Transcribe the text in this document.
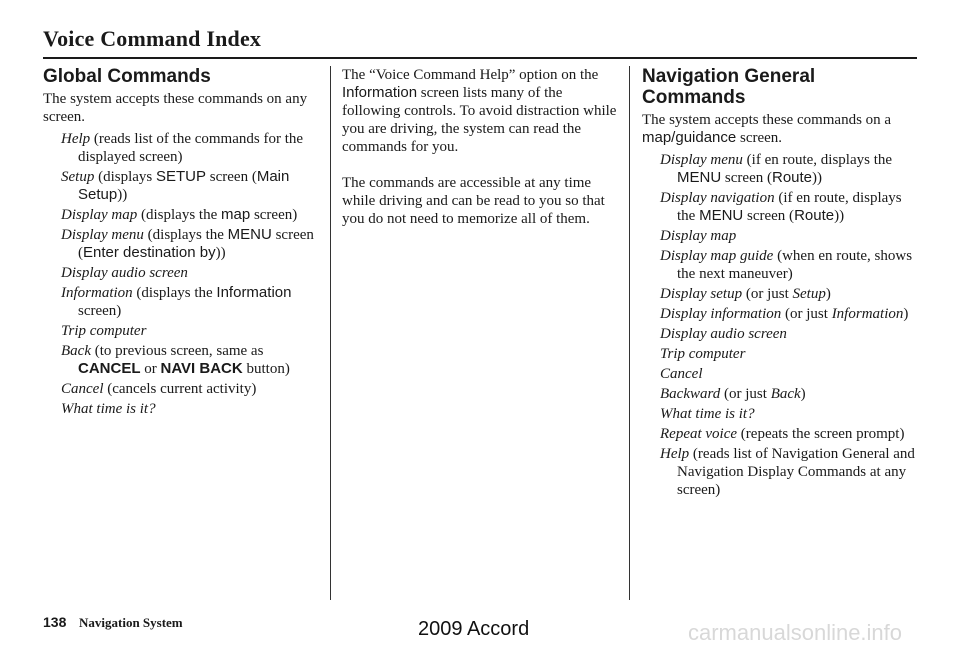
Voice Command Index
Global Commands

The system accepts these commands on any screen.

Help (reads list of the commands for the displayed screen)

Setup (displays SETUP screen (Main Setup))

Display map (displays the map screen)

Display menu (displays the MENU screen (Enter destination by))

Display audio screen

Information (displays the Information screen)

Trip computer

Back (to previous screen, same as CANCEL or NAVI BACK button)

Cancel (cancels current activity)

What time is it?

The “Voice Command Help” option on the Information screen lists many of the following controls. To avoid distraction while you are driving, the system can read the commands for you.

The commands are accessible at any time while driving and can be read to you so that you do not need to memorize all of them.

Navigation General
Commands

The system accepts these commands on a map/guidance screen.

Display menu (if en route, displays the MENU screen (Route))

Display navigation (if en route, displays the MENU screen (Route))

Display map

Display map guide (when en route, shows the next maneuver)

Display setup (or just Setup)

Display information (or just Information)

Display audio screen

Trip computer

Cancel

Backward (or just Back)

What time is it?

Repeat voice (repeats the screen prompt)

Help (reads list of Navigation General and Navigation Display Commands at any screen)

138 Navigation System	2009 Accord	carmanualsonline.info
